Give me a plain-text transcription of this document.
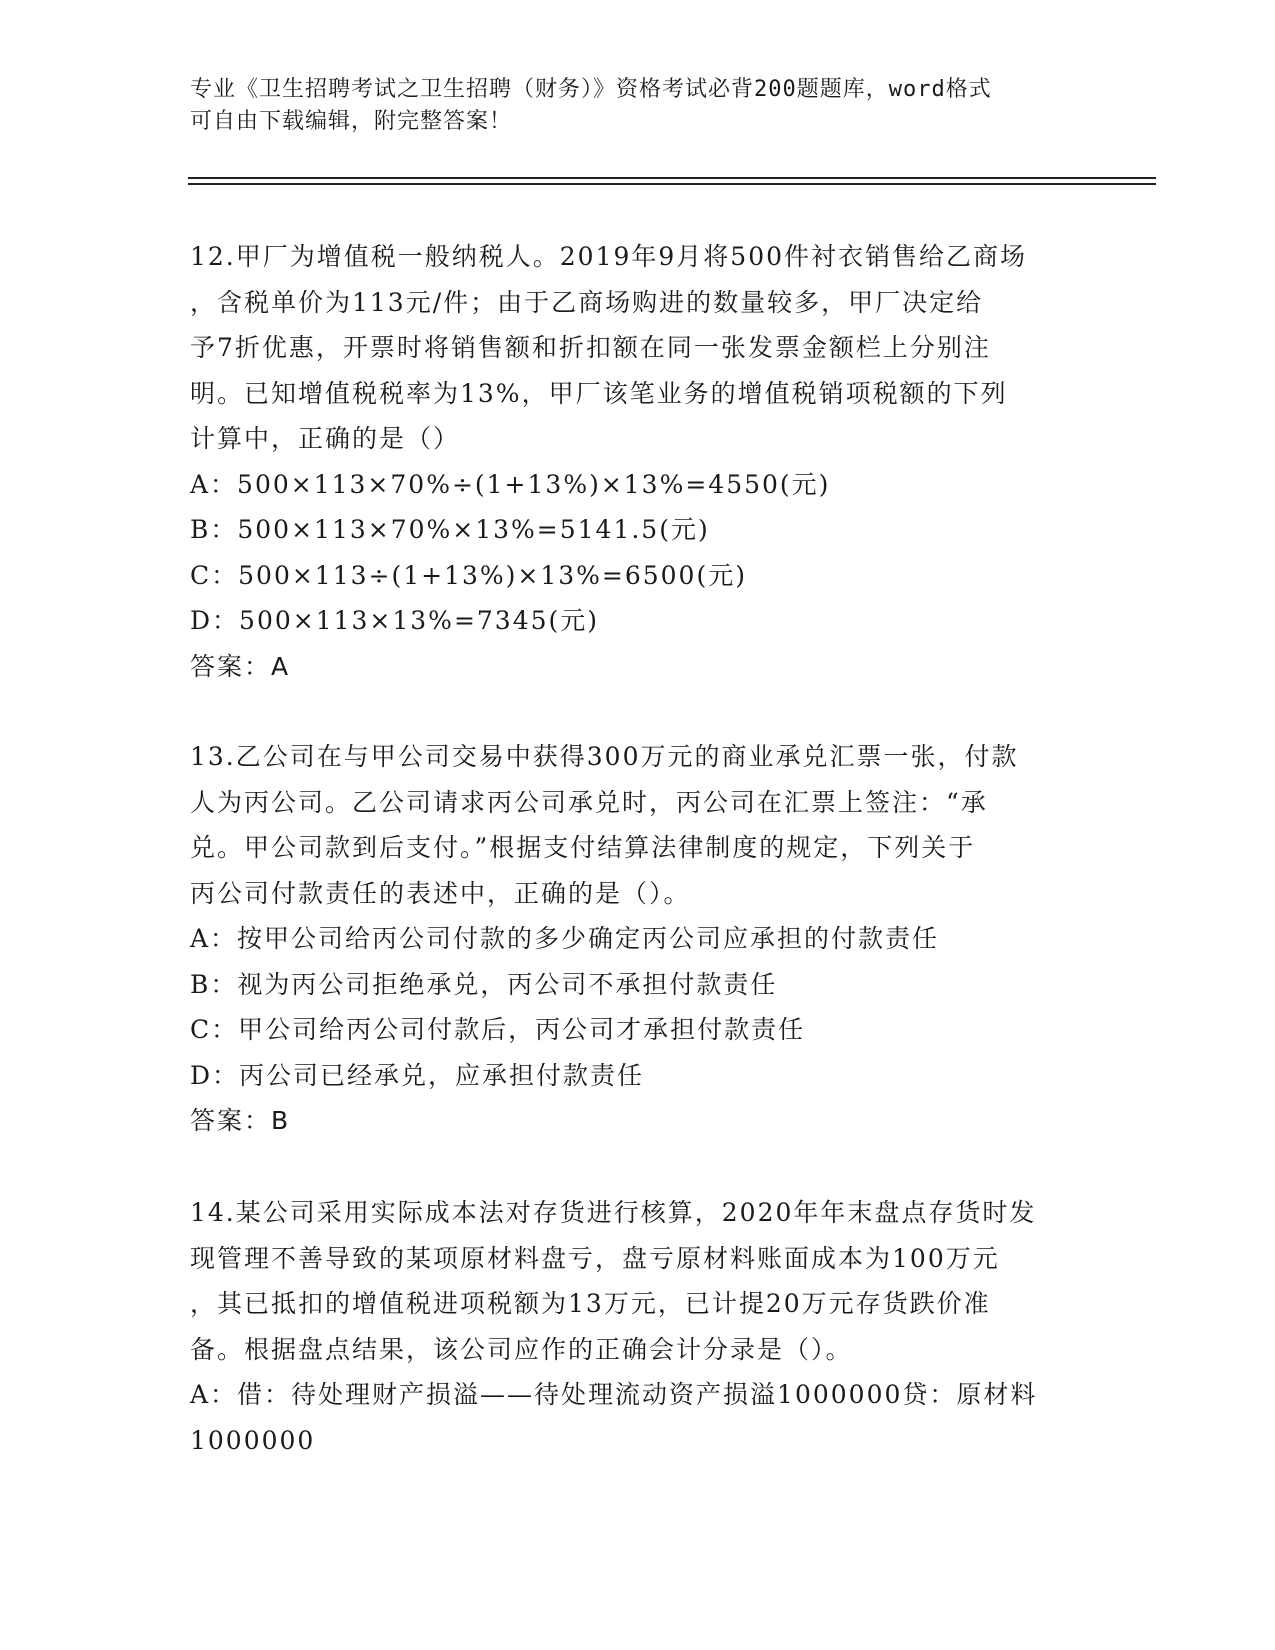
专业《卫生招聘考试之卫生招聘（财务）》资格考试必背200题题库，word格式
可自由下载编辑，附完整答案！
12.甲厂为增值税一般纳税人。2019年9月将500件衬衣销售给乙商场
，含税单价为113元/件；由于乙商场购进的数量较多，甲厂决定给
予7折优惠，开票时将销售额和折扣额在同一张发票金额栏上分别注
明。已知增值税税率为13%，甲厂该笔业务的增值税销项税额的下列
计算中，正确的是（）
A：500×113×70%÷(1+13%)×13%=4550(元)
B：500×113×70%×13%=5141.5(元)
C：500×113÷(1+13%)×13%=6500(元)
D：500×113×13%=7345(元)
答案：A
13.乙公司在与甲公司交易中获得300万元的商业承兑汇票一张，付款
人为丙公司。乙公司请求丙公司承兑时，丙公司在汇票上签注：“承
兑。甲公司款到后支付。”根据支付结算法律制度的规定，下列关于
丙公司付款责任的表述中，正确的是（）。
A：按甲公司给丙公司付款的多少确定丙公司应承担的付款责任
B：视为丙公司拒绝承兑，丙公司不承担付款责任
C：甲公司给丙公司付款后，丙公司才承担付款责任
D：丙公司已经承兑，应承担付款责任
答案：B
14.某公司采用实际成本法对存货进行核算，2020年年末盘点存货时发
现管理不善导致的某项原材料盘亏，盘亏原材料账面成本为100万元
，其已抵扣的增值税进项税额为13万元，已计提20万元存货跌价准
备。根据盘点结果，该公司应作的正确会计分录是（）。
A：借：待处理财产损溢——待处理流动资产损溢1000000贷：原材料
1000000
